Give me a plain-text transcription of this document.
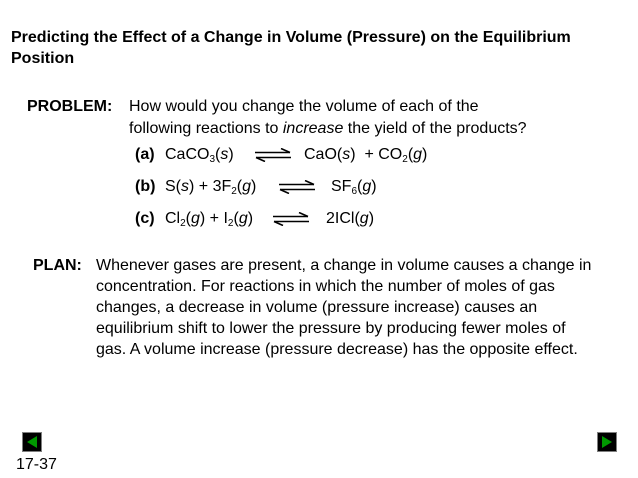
Predicting the Effect of a Change in Volume (Pressure) on the Equilibrium Position
PROBLEM: How would you change the volume of each of the
following reactions to increase the yield of the products?
(a) CaCO$_3$(s) ⇌ $CaO(s) + CO_2(g)$
(b) $S(s) + 3F_2(g)$ ⇌ $SF_6(g)$
(c) $Cl_2(g) + I_2(g)$ ⇌ 2ICl(g)
PLAN: Whenever gases are present, a change in volume causes a change in concentration. For reactions in which the number of moles of gas changes, a decrease in volume (pressure increase) causes an equilibrium shift to lower the pressure by producing fewer moles of gas. A volume increase (pressure decrease) has the opposite effect.
17-37
